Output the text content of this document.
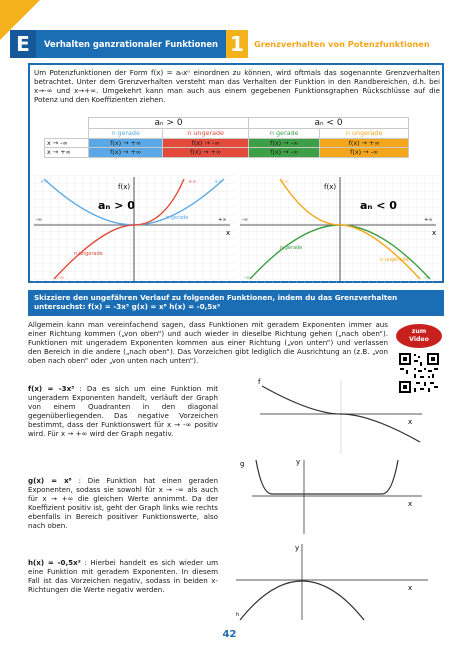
E	Verhalten ganzrationaler Funktionen 1	Grenzverhalten von Potenzfunktionen
Um Potenzfunktionen der Form f(x) = aₙxⁿ einordnen zu können, wird oftmals das sogenannte Grenzverhalten betrachtet. Unter dem Grenzverhalten versteht man das Verhalten der Funktion in den Randbereichen, d.h. bei x→-∞ und x→+∞. Umgekehrt kann man auch aus einem gegebenen Funktionsgraphen Rückschlüsse auf die Potenz und den Koeffizienten ziehen.
	aₙ > 0		aₙ < 0	
	n gerade	n ungerade	n gerade	n ungerade
x → -∞	f(x) → +∞	f(x) → -∞	f(x) → -∞	f(x) → +∞
x → +∞	f(x) → +∞	f(x) → +∞	f(x) → -∞	f(x) → -∞
f(x)
aₙ > 0
x
n gerade
n ungerade
+∞	+∞
+∞
-∞
-∞	+∞
f(x)
aₙ < 0
x
n gerade
n ungerade
+∞
-∞	-∞
-∞	+∞
Skizziere den ungefähren Verlauf zu folgenden Funktionen, indem du das Grenzverhalten untersuchst: f(x) = -3x³ g(x) = x⁸ h(x) = -0,5x²
Allgemein kann man vereinfachend sagen, dass Funktionen mit geradem Exponenten immer aus einer Richtung kommen („von oben“) und auch wieder in dieselbe Richtung gehen („nach oben“). Funktionen mit ungeradem Exponenten kommen aus einer Richtung („von unten“) und verlassen den Bereich in die andere („nach oben“). Das Vorzeichen gibt lediglich die Ausrichtung an (z.B. „von oben nach oben“ oder „von unten nach unten“).
zum
Video
f(x) = -3x³ : Da es sich um eine Funktion mit ungeradem Exponenten handelt, verläuft der Graph von einem Quadranten in den diagonal gegenüberliegenden. Das negative Vorzeichen bestimmt, dass der Funktionswert für x → -∞ positiv wird. Für x → +∞ wird der Graph negativ.
f
x
g(x) = x⁸ : Die Funktion hat einen geraden Exponenten, sodass sie sowohl für x → -∞ als auch für x → +∞ die gleichen Werte annimmt. Da der Koeffizient positiv ist, geht der Graph links wie rechts ebenfalls in Bereich positiver Funktionswerte, also nach oben.
g	y
x
h(x) = -0,5x² : Hierbei handelt es sich wieder um eine Funktion mit geradem Exponenten. In diesem Fall ist das Vorzeichen negativ, sodass in beiden x-Richtungen die Werte negativ werden.
h
y
x
42
